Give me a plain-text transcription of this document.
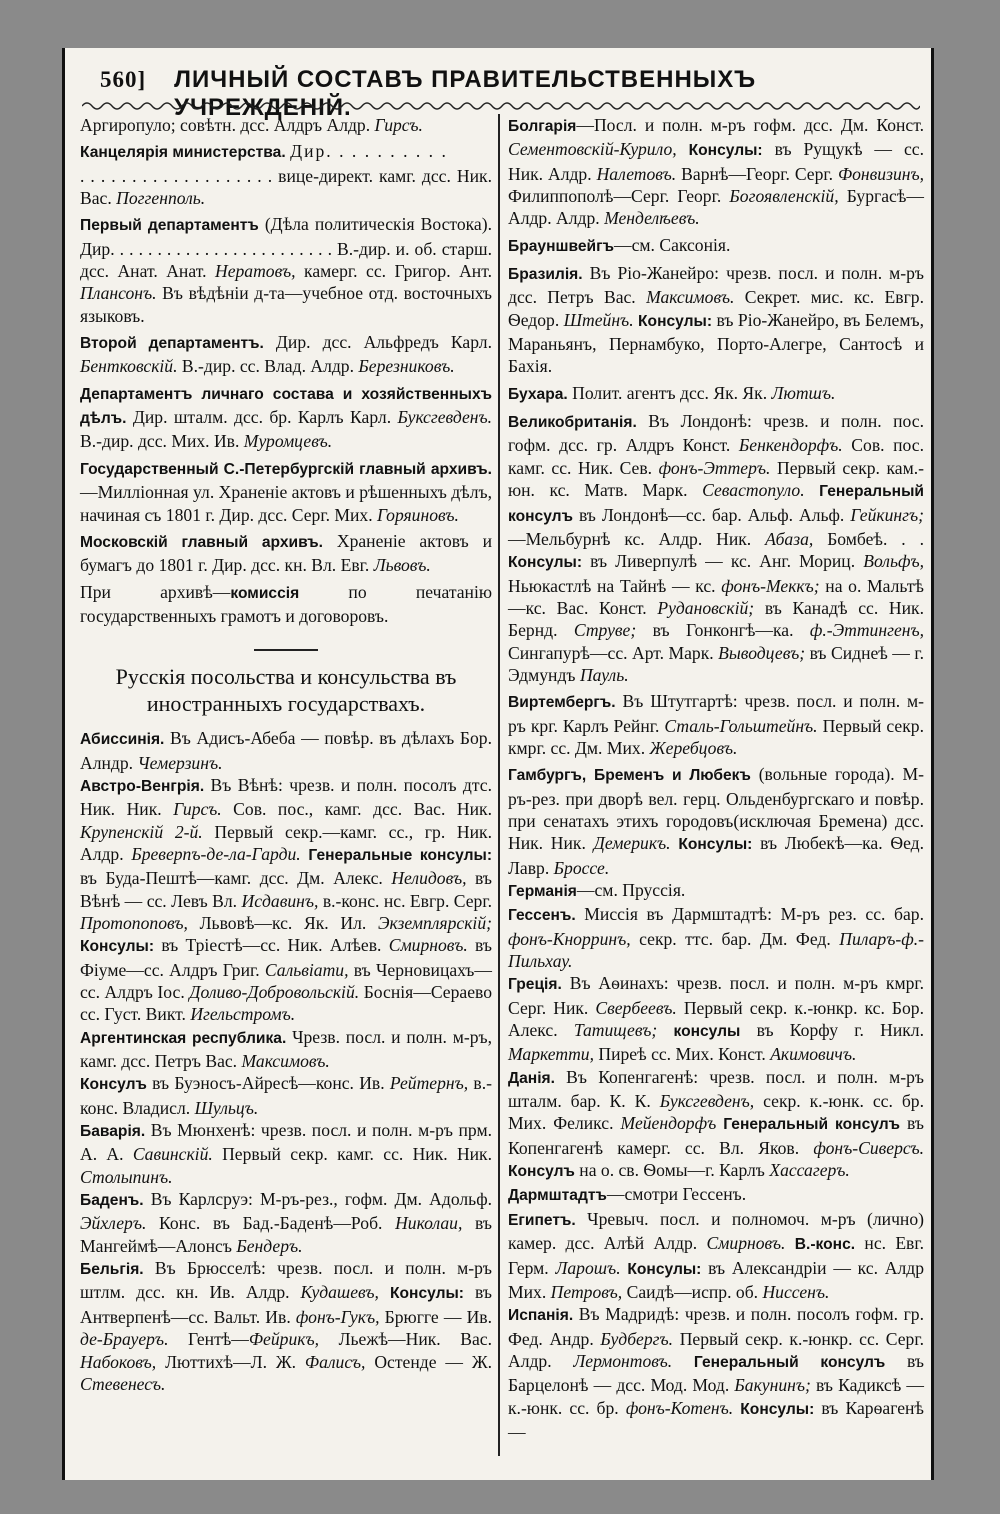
560] ЛИЧНЫЙ СОСТАВЪ ПРАВИТЕЛЬСТВЕННЫХЪ УЧРЕЖДЕНІЙ.

Аргиропуло; совѣтн. дсс. Алдръ Алдр. Гирсъ.

Канцелярія министерства. Дир. . . . . . . . . .
. . . . . . . . . . . . . . . . . . . вице-директ. камг. дсс. Ник. Вас. Поггенполь.

Первый департаментъ (Дѣла политическія Востока). Дир. . . . . . . . . . . . . . . . . . . . . . . . В.-дир. и. об. старш. дсс. Анат. Анат. Нератовъ, камерг. сс. Григор. Ант. Плансонъ. Въ вѣдѣніи д-та—учебное отд. восточныхъ языковъ.

Второй департаментъ. Дир. дсс. Альфредъ Карл. Бентковскій. В.-дир. сс. Влад. Алдр. Березниковъ.

Департаментъ личнаго состава и хозяйственныхъ дѣлъ. Дир. шталм. дсс. бр. Карлъ Карл. Буксгевденъ. В.-дир. дсс. Мих. Ив. Муромцевъ.

Государственный С.-Петербургскій главный архивъ.—Милліонная ул. Храненіе актовъ и рѣшенныхъ дѣлъ, начиная съ 1801 г. Дир. дсс. Серг. Мих. Горяиновъ.

Московскій главный архивъ. Храненіе актовъ и бумагъ до 1801 г. Дир. дсс. кн. Вл. Евг. Львовъ.

При архивѣ—комиссія	по печатанію государственныхъ грамотъ и договоровъ.

Русскія посольства и консульства въ иностранныхъ государствахъ.

Абиссинія. Въ Адисъ-Абеба — повѣр. въ дѣлахъ Бор. Алндр. Чемерзинъ.

Австро-Венгрія. Въ Вѣнѣ: чрезв. и полн. посолъ дтс. Ник. Ник. Гирсъ. Сов. пос., камг. дсс. Вас. Ник. Крупенскій 2-й. Первый секр.—камг. сс., гр. Ник. Алдр. Бреверпъ-де-ла-Гарди. Генеральные консулы: въ Буда-Пештѣ—камг. дсс. Дм. Алекс. Нелидовъ, въ Вѣнѣ — сс. Левъ Вл. Исдавинъ, в.-конс. нс. Евгр. Серг. Протопоповъ, Львовѣ—кс. Як. Ил. Экземплярскій; Консулы: въ Тріестѣ—сс. Ник. Алѣев. Смирновъ. въ Фіуме—сс. Алдръ Григ. Сальвіати, въ Черновицахъ—сс. Алдръ Іос. Доливо-Добровольскій. Боснія—Сераево сс. Густ. Викт. Игельстромъ.

Аргентинская республика. Чрезв. посл. и полн. м-ръ, камг. дсс. Петръ Вас. Максимовъ.

Консулъ въ Буэносъ-Айресѣ—конс. Ив. Рейтернъ, в.-конс. Владисл. Шульцъ.

Баварія. Въ Мюнхенѣ: чрезв. посл. и полн. м-ръ прм. А. А. Савинскій. Первый секр. камг. сс. Ник. Ник. Столыпинъ.

Баденъ. Въ Карлсруэ: М-ръ-рез., гофм. Дм. Адольф. Эйхлеръ. Конс. въ Бад.-Баденѣ—Роб. Николаи, въ Мангеймѣ—Алонсъ Бендеръ.

Бельгія. Въ Брюсселѣ: чрезв. посл. и полн. м-ръ штлм. дсс. кн. Ив. Алдр. Кудашевъ, Консулы: въ Антверпенѣ—сс. Вальт. Ив. фонъ-Гукъ, Брюгге — Ив. де-Брауеръ. Гентѣ—Фейрикъ, Льежѣ—Ник. Вас. Набоковъ, Люттихѣ—Л. Ж. Фалисъ, Остенде — Ж. Стевенесъ.

Болгарія—Посл. и полн. м-ръ гофм. дсс. Дм. Конст. Сементовскій-Курило, Консулы: въ Рущукѣ — сс. Ник. Алдр. Налетовъ. Варнѣ—Георг. Серг. Фонвизинъ, Филиппополѣ—Серг. Георг. Богоявленскій, Бургасѣ—Алдр. Алдр. Менделѣевъ.

Брауншвейгъ—см. Саксонія.

Бразилія. Въ Ріо-Жанейро: чрезв. посл. и полн. м-ръ дсс. Петръ Вас. Максимовъ. Секрет. мис. кс. Евгр. Ѳедор. Штейнъ. Консулы: въ Ріо-Жанейро, въ Белемъ, Мараньянъ, Пернамбуко, Порто-Алегре, Сантосѣ и Бахія.

Бухара. Полит. агентъ дсс. Як. Як. Лютшъ.

Великобританія. Въ Лондонѣ: чрезв. и полн. пос. гофм. дсс. гр. Алдръ Конст. Бенкендорфъ. Сов. пос. камг. сс. Ник. Сев. фонъ-Эттеръ. Первый секр. кам.-юн. кс. Матв. Марк. Севастопуло. Генеральный консулъ въ Лондонѣ—сс. бар. Альф. Альф. Гейкингъ;—Мельбурнѣ кс. Алдр. Ник. Абаза, Бомбеѣ. . . Консулы: въ Ливерпулѣ — кс. Анг. Мориц. Вольфъ, Ньюкастлѣ на Тайнѣ — кс. фонъ-Меккъ; на о. Мальтѣ—кс. Вас. Конст. Рудановскій; въ Канадѣ сс. Ник. Бернд. Струве; въ Гонконгѣ—ка. ф.-Эттингенъ, Сингапурѣ—сс. Арт. Марк. Выводцевъ; въ Сиднеѣ — г. Эдмундъ Пауль.

Виртембергъ. Въ Штутгартѣ: чрезв. посл. и полн. м-ръ крг. Карлъ Рейнг. Сталь-Гольштейнъ. Первый секр. кмрг. сс. Дм. Мих. Жеребцовъ.

Гамбургъ, Бременъ и Любекъ (вольные города). М-ръ-рез. при дворѣ вел. герц. Ольденбургскаго и повѣр. при сенатахъ этихъ городовъ(исключая Бремена) дсс. Ник. Ник. Демерикъ. Консулы: въ Любекѣ—ка. Ѳед. Лавр. Броссе.

Германія—см. Пруссія.

Гессенъ. Миссія въ Дармштадтѣ: М-ръ рез. сс. бар. фонъ-Кнорринъ, секр. ттс. бар. Дм. Фед. Пиларъ-ф.-Пильхау.

Греція. Въ Аѳинахъ: чрезв. посл. и полн. м-ръ кмрг. Серг. Ник. Свербеевъ. Первый секр. к.-юнкр. кс. Бор. Алекс. Татищевъ; консулы въ Корфу г. Никл. Маркетти, Пиреѣ сс. Мих. Конст. Акимовичъ.

Данія. Въ Копенгагенѣ: чрезв. посл. и полн. м-ръ шталм. бар. К. К. Буксгевденъ, секр. к.-юнк. сс. бр. Мих. Феликс. Мейендорфъ Генеральный консулъ въ Копенгагенѣ камерг. сс. Вл. Яков. фонъ-Сиверсъ. Консулъ на о. св. Ѳомы—г. Карлъ Хассагеръ.

Дармштадтъ—смотри Гессенъ.

Египетъ. Чревыч. посл. и полномоч. м-ръ (лично) камер. дсс. Алѣй Алдр. Смирновъ. В.-конс. нс. Евг. Герм. Ларошъ. Консулы: въ Александріи — кс. Алдр Мих. Петровъ, Саидѣ—испр. об. Ниссенъ.

Испанія. Въ Мадридѣ: чрезв. и полн. посолъ гофм. гр. Фед. Андр. Будбергъ. Первый секр. к.-юнкр. сс. Серг. Алдр. Лермонтовъ. Генеральный консулъ въ Барцелонѣ — дсс. Мод. Мод. Бакунинъ; въ Кадиксѣ — к.-юнк. сс. бр. фонъ-Котенъ. Консулы: въ Карѳагенѣ—
